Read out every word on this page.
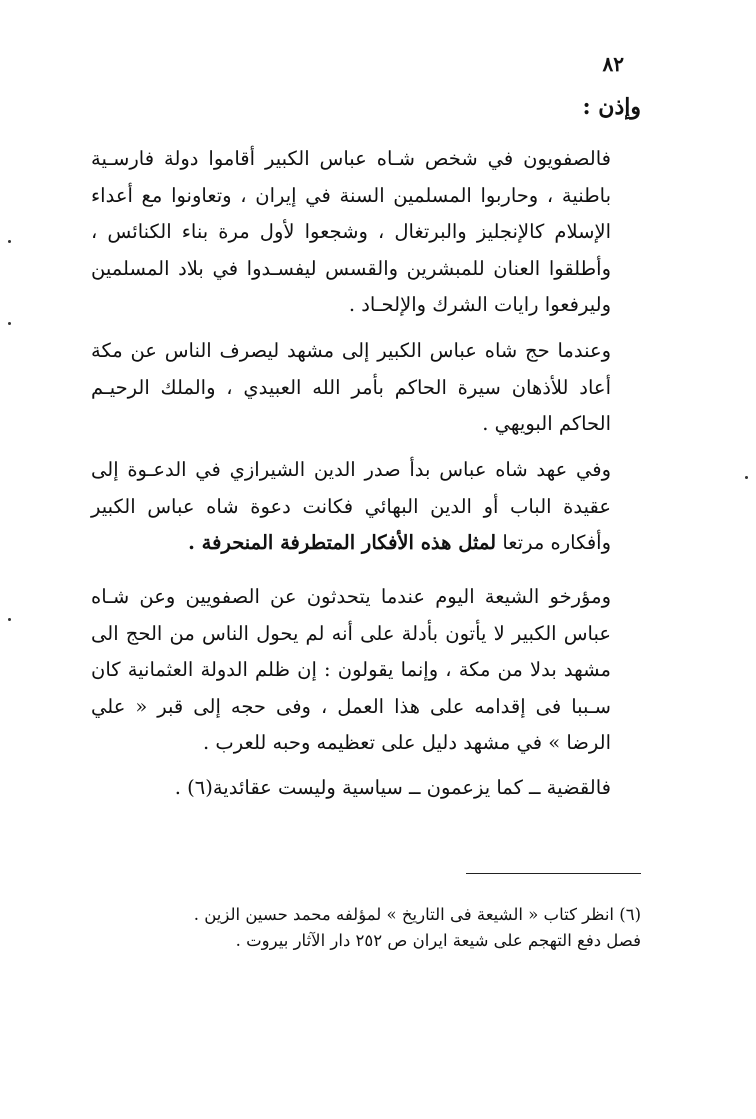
٨٢
وإذن :

فالصفويون في شخص شـاه عباس الكبير أقاموا دولة فارسـية باطنية ، وحاربوا المسلمين السنة في إيران ، وتعاونوا مع أعداء الإسلام كالإنجليز والبرتغال ، وشجعوا لأول مرة بناء الكنائس ، وأطلقوا العنان للمبشرين والقسس ليفسـدوا في بلاد المسلمين وليرفعوا رايات الشرك والإلحـاد .

وعندما حج شاه عباس الكبير إلى مشهد ليصرف الناس عن مكة أعاد للأذهان سيرة الحاكم بأمر الله العبيدي ، والملك الرحيـم الحاكم البويهي .

وفي عهد شاه عباس بدأ صدر الدين الشيرازي في الدعـوة إلى عقيدة الباب أو الدين البهائي فكانت دعوة شاه عباس الكبير وأفكاره مرتعا لمثل هذه الأفكار المتطرفة المنحرفة .

ومؤرخو الشيعة اليوم عندما يتحدثون عن الصفويين وعن شـاه عباس الكبير لا يأتون بأدلة على أنه لم يحول الناس من الحج الى مشهد بدلا من مكة ، وإنما يقولون : إن ظلم الدولة العثمانية كان سـببا فى إقدامه على هذا العمل ، وفى حجه إلى قبر « علي الرضا » في مشهد دليل على تعظيمه وحبه للعرب .

فالقضية ــ كما يزعمون ــ سياسية وليست عقائدية(٦) .

(٦) انظر كتاب « الشيعة فى التاريخ » لمؤلفه محمد حسين الزين .
فصل دفع التهجم على شيعة ايران ص ٢٥٢ دار الآثار بيروت .
